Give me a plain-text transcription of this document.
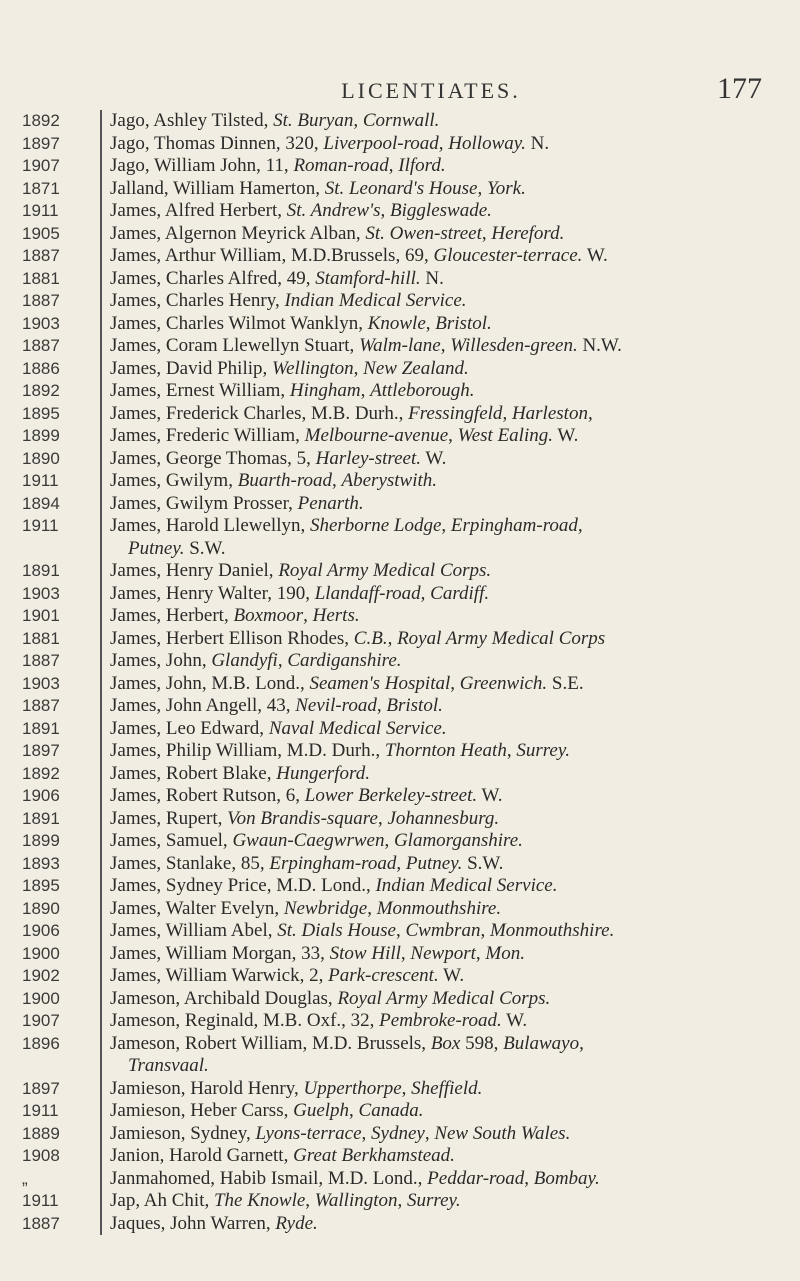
LICENTIATES.	177
1892	Jago, Ashley Tilsted, St. Buryan, Cornwall.
1897	Jago, Thomas Dinnen, 320, Liverpool-road, Holloway. N.
1907	Jago, William John, 11, Roman-road, Ilford.
1871	Jalland, William Hamerton, St. Leonard's House, York.
1911	James, Alfred Herbert, St. Andrew's, Biggleswade.
1905	James, Algernon Meyrick Alban, St. Owen-street, Hereford.
1887	James, Arthur William, M.D.Brussels, 69, Gloucester-terrace. W.
1881	James, Charles Alfred, 49, Stamford-hill. N.
1887	James, Charles Henry, Indian Medical Service.
1903	James, Charles Wilmot Wanklyn, Knowle, Bristol.
1887	James, Coram Llewellyn Stuart, Walm-lane, Willesden-green. N.W.
1886	James, David Philip, Wellington, New Zealand.
1892	James, Ernest William, Hingham, Attleborough.
1895	James, Frederick Charles, M.B. Durh., Fressingfeld, Harleston,
1899	James, Frederic William, Melbourne-avenue, West Ealing. W.
1890	James, George Thomas, 5, Harley-street. W.
1911	James, Gwilym, Buarth-road, Aberystwith.
1894	James, Gwilym Prosser, Penarth.
1911	James, Harold Llewellyn, Sherborne Lodge, Erpingham-road,
Putney. S.W.
1891	James, Henry Daniel, Royal Army Medical Corps.
1903	James, Henry Walter, 190, Llandaff-road, Cardiff.
1901	James, Herbert, Boxmoor, Herts.
1881	James, Herbert Ellison Rhodes, C.B., Royal Army Medical Corps
1887	James, John, Glandyfi, Cardiganshire.
1903	James, John, M.B. Lond., Seamen's Hospital, Greenwich. S.E.
1887	James, John Angell, 43, Nevil-road, Bristol.
1891	James, Leo Edward, Naval Medical Service.
1897	James, Philip William, M.D. Durh., Thornton Heath, Surrey.
1892	James, Robert Blake, Hungerford.
1906	James, Robert Rutson, 6, Lower Berkeley-street. W.
1891	James, Rupert, Von Brandis-square, Johannesburg.
1899	James, Samuel, Gwaun-Caegwrwen, Glamorganshire.
1893	James, Stanlake, 85, Erpingham-road, Putney. S.W.
1895	James, Sydney Price, M.D. Lond., Indian Medical Service.
1890	James, Walter Evelyn, Newbridge, Monmouthshire.
1906	James, William Abel, St. Dials House, Cwmbran, Monmouthshire.
1900	James, William Morgan, 33, Stow Hill, Newport, Mon.
1902	James, William Warwick, 2, Park-crescent. W.
1900	Jameson, Archibald Douglas, Royal Army Medical Corps.
1907	Jameson, Reginald, M.B. Oxf., 32, Pembroke-road. W.
1896	Jameson, Robert William, M.D. Brussels, Box 598, Bulawayo,
Transvaal.
1897	Jamieson, Harold Henry, Upperthorpe, Sheffield.
1911	Jamieson, Heber Carss, Guelph, Canada.
1889	Jamieson, Sydney, Lyons-terrace, Sydney, New South Wales.
1908	Janion, Harold Garnett, Great Berkhamstead.
„	Janmahomed, Habib Ismail, M.D. Lond., Peddar-road, Bombay.
1911	Jap, Ah Chit, The Knowle, Wallington, Surrey.
1887	Jaques, John Warren, Ryde.
